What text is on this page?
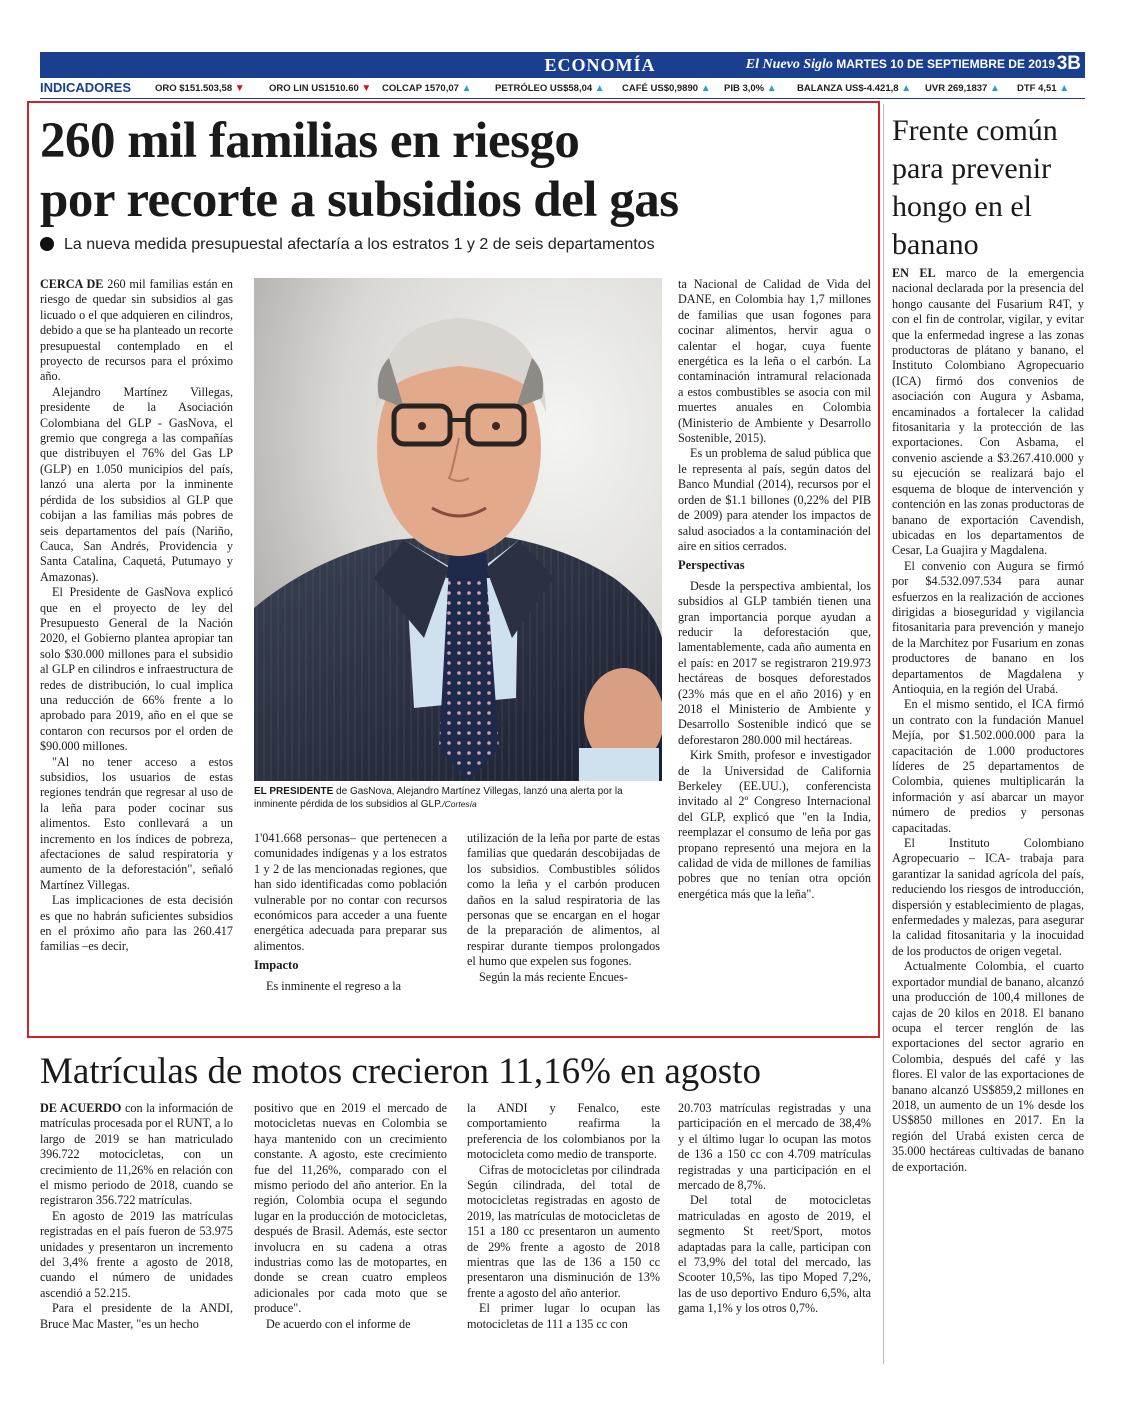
ECONOMÍA	El Nuevo Siglo MARTES 10 DE SEPTIEMBRE DE 2019 3B
INDICADORES	ORO $151.503,58 ▼	ORO LIN US1510.60 ▼ COLCAP 1570,07 ▲ PETRÓLEO US$58,04 ▲ CAFÉ US$0,9890 ▲ PIB 3,0% ▲ BALANZA US$-4.421,8 ▲ UVR 269,1837 ▲ DTF 4,51 ▲
260 mil familias en riesgo
por recorte a subsidios del gas
La nueva medida presupuestal afectaría a los estratos 1 y 2 de seis departamentos

CERCA DE 260 mil familias están en riesgo de quedar sin subsidios al gas licuado o el que adquieren en cilindros, debido a que se ha planteado un recorte presupuestal contemplado en el proyecto de recursos para el próximo año.

Alejandro Martínez Villegas, presidente de la Asociación Colombiana del GLP - GasNova, el gremio que congrega a las compañías que distribuyen el 76% del Gas LP (GLP) en 1.050 municipios del país, lanzó una alerta por la inminente pérdida de los subsidios al GLP que cobijan a las familias más pobres de seis departamentos del país (Nariño, Cauca, San Andrés, Providencia y Santa Catalina, Caquetá, Putumayo y Amazonas).

El Presidente de GasNova explicó que en el proyecto de ley del Presupuesto General de la Nación 2020, el Gobierno plantea apropiar tan solo $30.000 millones para el subsidio al GLP en cilindros e infraestructura de redes de distribución, lo cual implica una reducción de 66% frente a lo aprobado para 2019, año en el que se contaron con recursos por el orden de $90.000 millones.

"Al no tener acceso a estos subsidios, los usuarios de estas regiones tendrán que regresar al uso de la leña para poder cocinar sus alimentos. Esto conllevará a un incremento en los índices de pobreza, afectaciones de salud respiratoria y aumento de la deforestación", señaló Martínez Villegas.

Las implicaciones de esta decisión es que no habrán suficientes subsidios en el próximo año para las 260.417 familias –es decir,

EL PRESIDENTE de GasNova, Alejandro Martínez Villegas, lanzó una alerta por la inminente pérdida de los subsidios al GLP./Cortesía

1'041.668 personas– que pertenecen a comunidades indígenas y a los estratos 1 y 2 de las mencionadas regiones, que han sido identificadas como población vulnerable por no contar con recursos económicos para acceder a una fuente energética adecuada para preparar sus alimentos.

Impacto

Es inminente el regreso a la

utilización de la leña por parte de estas familias que quedarán descobijadas de los subsidios. Combustibles sólidos como la leña y el carbón producen daños en la salud respiratoria de las personas que se encargan en el hogar de la preparación de alimentos, al respirar durante tiempos prolongados el humo que expelen sus fogones.

Según la más reciente Encues-

ta Nacional de Calidad de Vida del DANE, en Colombia hay 1,7 millones de familias que usan fogones para cocinar alimentos, hervir agua o calentar el hogar, cuya fuente energética es la leña o el carbón. La contaminación intramural relacionada a estos combustibles se asocia con mil muertes anuales en Colombia (Ministerio de Ambiente y Desarrollo Sostenible, 2015).

Es un problema de salud pública que le representa al país, según datos del Banco Mundial (2014), recursos por el orden de $1.1 billones (0,22% del PIB de 2009) para atender los impactos de salud asociados a la contaminación del aire en sitios cerrados.

Perspectivas

Desde la perspectiva ambiental, los subsidios al GLP también tienen una gran importancia porque ayudan a reducir la deforestación que, lamentablemente, cada año aumenta en el país: en 2017 se registraron 219.973 hectáreas de bosques deforestados (23% más que en el año 2016) y en 2018 el Ministerio de Ambiente y Desarrollo Sostenible indicó que se deforestaron 280.000 mil hectáreas.

Kirk Smith, profesor e investigador de la Universidad de California Berkeley (EE.UU.), conferencista invitado al 2º Congreso Internacional del GLP, explicó que "en la India, reemplazar el consumo de leña por gas propano representó una mejora en la calidad de vida de millones de familias pobres que no tenían otra opción energética más que la leña".

Frente común para prevenir hongo en el banano

EN EL marco de la emergencia nacional declarada por la presencia del hongo causante del Fusarium R4T, y con el fin de controlar, vigilar, y evitar que la enfermedad ingrese a las zonas productoras de plátano y banano, el Instituto Colombiano Agropecuario (ICA) firmó dos convenios de asociación con Augura y Asbama, encaminados a fortalecer la calidad fitosanitaria y la protección de las exportaciones. Con Asbama, el convenio asciende a $3.267.410.000 y su ejecución se realizará bajo el esquema de bloque de intervención y contención en las zonas productoras de banano de exportación Cavendish, ubicadas en los departamentos de Cesar, La Guajira y Magdalena.

El convenio con Augura se firmó por $4.532.097.534 para aunar esfuerzos en la realización de acciones dirigidas a bioseguridad y vigilancia fitosanitaria para prevención y manejo de la Marchitez por Fusarium en zonas productores de banano en los departamentos de Magdalena y Antioquia, en la región del Urabá.

En el mismo sentido, el ICA firmó un contrato con la fundación Manuel Mejía, por $1.502.000.000 para la capacitación de 1.000 productores líderes de 25 departamentos de Colombia, quienes multiplicarán la información y así abarcar un mayor número de predios y personas capacitadas.

El Instituto Colombiano Agropecuario – ICA- trabaja para garantizar la sanidad agrícola del país, reduciendo los riesgos de introducción, dispersión y establecimiento de plagas, enfermedades y malezas, para asegurar la calidad fitosanitaria y la inocuidad de los productos de origen vegetal.

Actualmente Colombia, el cuarto exportador mundial de banano, alcanzó una producción de 100,4 millones de cajas de 20 kilos en 2018. El banano ocupa el tercer renglón de las exportaciones del sector agrario en Colombia, después del café y las flores. El valor de las exportaciones de banano alcanzó US$859,2 millones en 2018, un aumento de un 1% desde los US$850 millones en 2017. En la región del Urabá existen cerca de 35.000 hectáreas cultivadas de banano de exportación.

Matrículas de motos crecieron 11,16% en agosto

DE ACUERDO con la información de matrículas procesada por el RUNT, a lo largo de 2019 se han matriculado 396.722 motocicletas, con un crecimiento de 11,26% en relación con el mismo periodo de 2018, cuando se registraron 356.722 matrículas.

En agosto de 2019 las matrículas registradas en el país fueron de 53.975 unidades y presentaron un incremento del 3,4% frente a agosto de 2018, cuando el número de unidades ascendió a 52.215.

Para el presidente de la ANDI, Bruce Mac Master, "es un hecho

positivo que en 2019 el mercado de motocicletas nuevas en Colombia se haya mantenido con un crecimiento constante. A agosto, este crecimiento fue del 11,26%, comparado con el mismo periodo del año anterior. En la región, Colombia ocupa el segundo lugar en la producción de motocicletas, después de Brasil. Además, este sector involucra en su cadena a otras industrias como las de motopartes, en donde se crean cuatro empleos adicionales por cada moto que se produce".

De acuerdo con el informe de

la ANDI y Fenalco, este comportamiento reafirma la preferencia de los colombianos por la motocicleta como medio de transporte.

Cifras de motocicletas por cilindrada Según cilindrada, del total de motocicletas registradas en agosto de 2019, las matrículas de motocicletas de 151 a 180 cc presentaron un aumento de 29% frente a agosto de 2018 mientras que las de 136 a 150 cc presentaron una disminución de 13% frente a agosto del año anterior.

El primer lugar lo ocupan las motocicletas de 111 a 135 cc con

20.703 matrículas registradas y una participación en el mercado de 38,4% y el último lugar lo ocupan las motos de 136 a 150 cc con 4.709 matrículas registradas y una participación en el mercado de 8,7%.

Del total de motocicletas matriculadas en agosto de 2019, el segmento St reet/Sport, motos adaptadas para la calle, participan con el 73,9% del total del mercado, las Scooter 10,5%, las tipo Moped 7,2%, las de uso deportivo Enduro 6,5%, alta gama 1,1% y los otros 0,7%.
